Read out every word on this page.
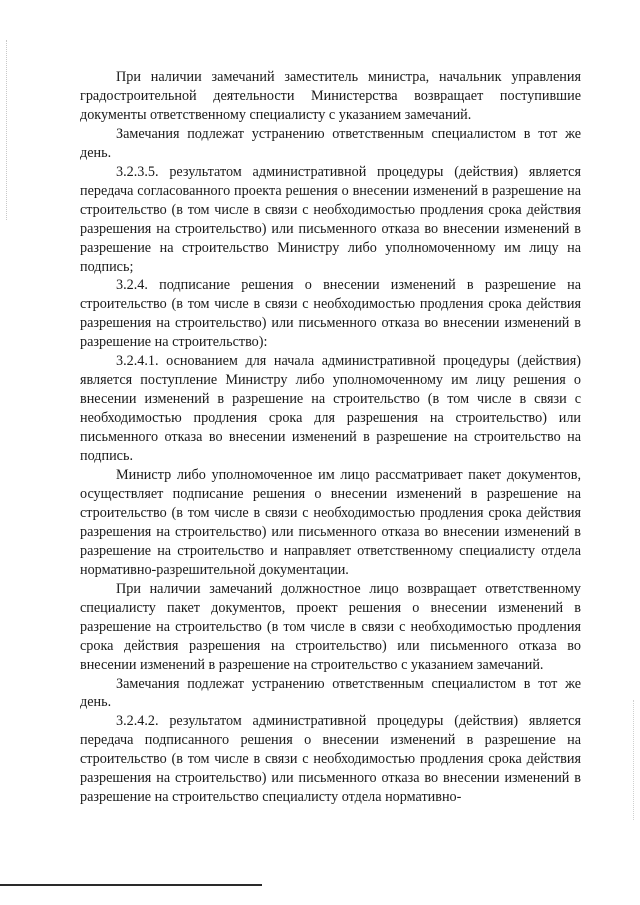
При наличии замечаний заместитель министра, начальник управления градостроительной деятельности Министерства возвращает поступившие документы ответственному специалисту с указанием замечаний.

Замечания подлежат устранению ответственным специалистом в тот же день.

3.2.3.5. результатом административной процедуры (действия) является передача согласованного проекта решения о внесении изменений в разрешение на строительство (в том числе в связи с необходимостью продления срока действия разрешения на строительство) или письменного отказа во внесении изменений в разрешение на строительство Министру либо уполномоченному им лицу на подпись;

3.2.4. подписание решения о внесении изменений в разрешение на строительство (в том числе в связи с необходимостью продления срока действия разрешения на строительство) или письменного отказа во внесении изменений в разрешение на строительство):

3.2.4.1. основанием для начала административной процедуры (действия) является поступление Министру либо уполномоченному им лицу решения о внесении изменений в разрешение на строительство (в том числе в связи с необходимостью продления срока для разрешения на строительство) или письменного отказа во внесении изменений в разрешение на строительство на подпись.

Министр либо уполномоченное им лицо рассматривает пакет документов, осуществляет подписание решения о внесении изменений в разрешение на строительство (в том числе в связи с необходимостью продления срока действия разрешения на строительство) или письменного отказа во внесении изменений в разрешение на строительство и направляет ответственному специалисту отдела нормативно-разрешительной документации.

При наличии замечаний должностное лицо возвращает ответственному специалисту пакет документов, проект решения о внесении изменений в разрешение на строительство (в том числе в связи с необходимостью продления срока действия разрешения на строительство) или письменного отказа во внесении изменений в разрешение на строительство с указанием замечаний.

Замечания подлежат устранению ответственным специалистом в тот же день.

3.2.4.2. результатом административной процедуры (действия) является передача подписанного решения о внесении изменений в разрешение на строительство (в том числе в связи с необходимостью продления срока действия разрешения на строительство) или письменного отказа во внесении изменений в разрешение на строительство специалисту отдела нормативно-
